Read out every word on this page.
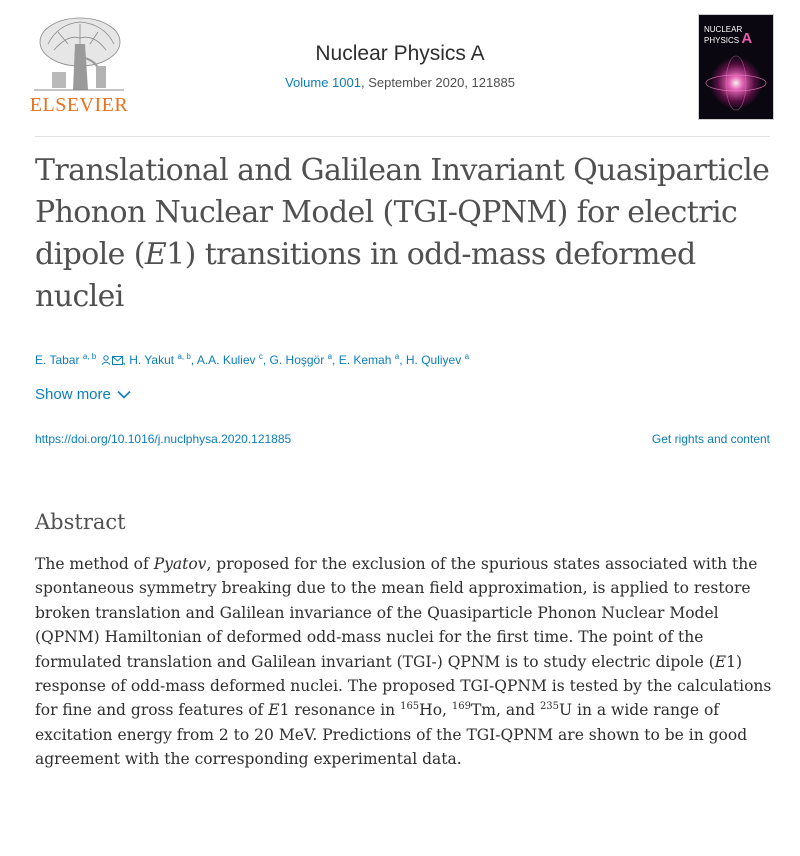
ELSEVIER
Nuclear Physics A
Volume 1001, September 2020, 121885
NUCLEAR
PHYSICS A
Translational and Galilean Invariant Quasiparticle Phonon Nuclear Model (TGI-QPNM) for electric dipole (E1) transitions in odd-mass deformed nuclei
E. Tabar $^{a, b}$ , H. Yakut $^{a, b}$, A.A. Kuliev $^c$, G. Hoşgör $^a$, E. Kemah $^a$, H. Quliyev $^a$
Show more
https://doi.org/10.1016/j.nuclphysa.2020.121885	Get rights and content
Abstract

The method of Pyatov, proposed for the exclusion of the spurious states associated with the spontaneous symmetry breaking due to the mean field approximation, is applied to restore broken translation and Galilean invariance of the Quasiparticle Phonon Nuclear Model (QPNM) Hamiltonian of deformed odd-mass nuclei for the first time. The point of the formulated translation and Galilean invariant (TGI-) QPNM is to study electric dipole (E1) response of odd-mass deformed nuclei. The proposed TGI-QPNM is tested by the calculations for fine and gross features of E1 resonance in $^{165}$Ho, $^{169}$Tm, and $^{235}$U in a wide range of excitation energy from 2 to 20 MeV. Predictions of the TGI-QPNM are shown to be in good agreement with the corresponding experimental data.
